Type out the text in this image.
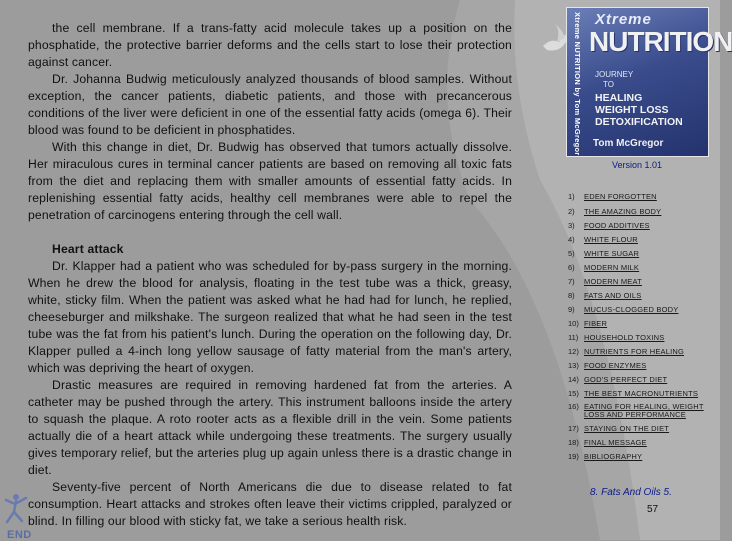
the cell membrane. If a trans-fatty acid molecule takes up a position on the phosphatide, the protective barrier deforms and the cells start to lose their protection against cancer.

Dr. Johanna Budwig meticulously analyzed thousands of blood samples. Without exception, the cancer patients, diabetic patients, and those with precancerous conditions of the liver were deficient in one of the essential fatty acids (omega 6). Their blood was found to be deficient in phosphatides.

With this change in diet, Dr. Budwig has observed that tumors actually dissolve. Her miraculous cures in terminal cancer patients are based on removing all toxic fats from the diet and replacing them with smaller amounts of essential fatty acids. In replenishing essential fatty acids, healthy cell membranes were able to repel the penetration of carcinogens entering through the cell wall.

Heart attack

Dr. Klapper had a patient who was scheduled for by-pass surgery in the morning. When he drew the blood for analysis, floating in the test tube was a thick, greasy, white, sticky film. When the patient was asked what he had had for lunch, he replied, cheeseburger and milkshake. The surgeon realized that what he had seen in the test tube was the fat from his patient's lunch. During the operation on the following day, Dr. Klapper pulled a 4-inch long yellow sausage of fatty material from the man's artery, which was depriving the heart of oxygen.

Drastic measures are required in removing hardened fat from the arteries. A catheter may be pushed through the artery. This instrument balloons inside the artery to squash the plaque. A roto rooter acts as a flexible drill in the vein. Some patients actually die of a heart attack while undergoing these treatments. The surgery usually gives temporary relief, but the arteries plug up again unless there is a drastic change in diet.

Seventy-five percent of North Americans die due to disease related to fat consumption. Heart attacks and strokes often leave their victims crippled, paralyzed or blind. In filling our blood with sticky fat, we take a serious health risk.

Xtreme NUTRITION by Tom McGregor Xtreme
NUTRITION
JOURNEY
TO
HEALING
WEIGHT LOSS
DETOXIFICATION
Tom McGregor
Version 1.01
1) EDEN FORGOTTEN
2) THE AMAZING BODY
3) FOOD ADDITIVES
4) WHITE FLOUR
5) WHITE SUGAR
6) MODERN MILK
7) MODERN MEAT
8) FATS AND OILS
9) MUCUS-CLOGGED BODY
10) FIBER
11) HOUSEHOLD TOXINS
12) NUTRIENTS FOR HEALING
13) FOOD ENZYMES
14) GOD'S PERFECT DIET
15) THE BEST MACRONUTRIENTS
16) EATING FOR HEALING, WEIGHT LOSS AND PERFORMANCE
17) STAYING ON THE DIET
18) FINAL MESSAGE
19) BIBLIOGRAPHY
8. Fats And Oils 5.
57
END
